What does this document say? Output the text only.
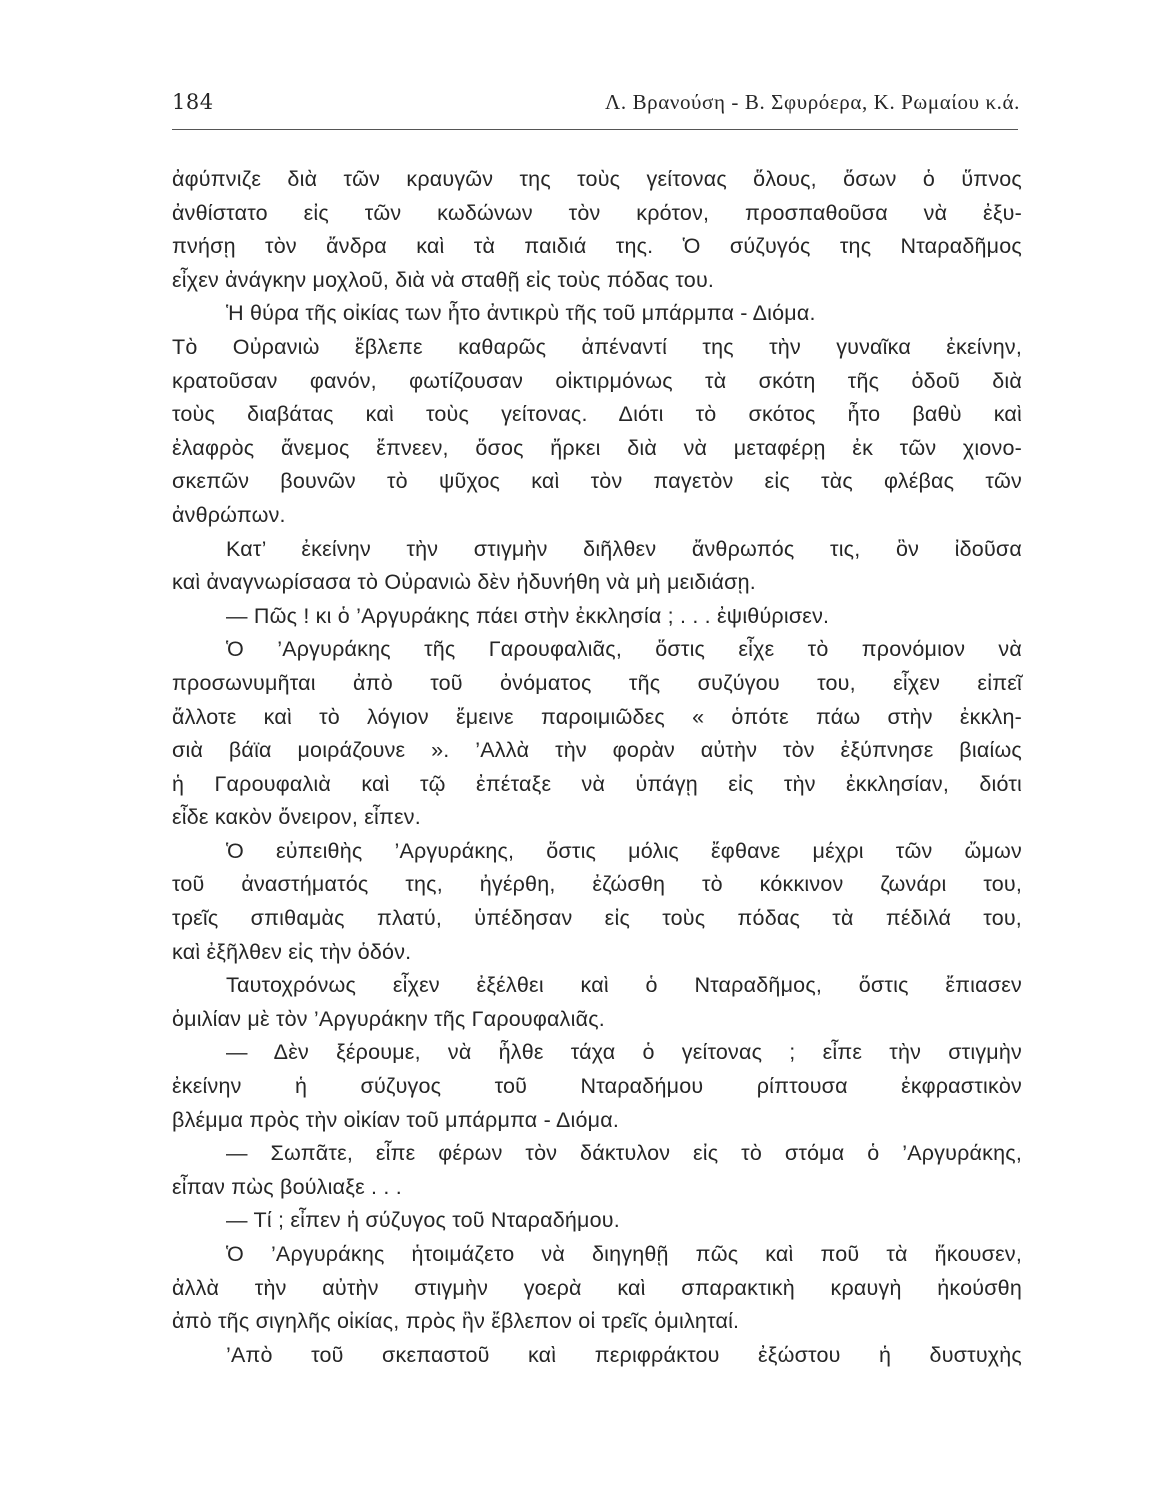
184	Λ. Βρανούση - Β. Σφυρόερα, Κ. Ρωμαίου κ.ά.
ἀφύπνιζε διὰ τῶν κραυγῶν της τοὺς γείτονας ὅλους, ὅσων ὁ ὕπνος
ἀνθίστατο εἰς τῶν κωδώνων τὸν κρότον, προσπαθοῦσα νὰ ἐξυ-
πνήσῃ τὸν ἄνδρα καὶ τὰ παιδιά της. Ὁ σύζυγός της Νταραδῆμος
εἶχεν ἀνάγκην μοχλοῦ, διὰ νὰ σταθῇ εἰς τοὺς πόδας του.
Ἡ θύρα τῆς οἰκίας των ἦτο ἀντικρὺ τῆς τοῦ μπάρμπα - Διόμα.
Τὸ Οὐρανιὼ ἔβλεπε καθαρῶς ἀπέναντί της τὴν γυναῖκα ἐκείνην,
κρατοῦσαν φανόν, φωτίζουσαν οἰκτιρμόνως τὰ σκότη τῆς ὁδοῦ διὰ
τοὺς διαβάτας καὶ τοὺς γείτονας. Διότι τὸ σκότος ἦτο βαθὺ καὶ
ἐλαφρὸς ἄνεμος ἔπνεεν, ὅσος ἤρκει διὰ νὰ μεταφέρῃ ἐκ τῶν χιονο-
σκεπῶν βουνῶν τὸ ψῦχος καὶ τὸν παγετὸν εἰς τὰς φλέβας τῶν
ἀνθρώπων.
Κατ’ ἐκείνην τὴν στιγμὴν διῆλθεν ἄνθρωπός τις, ὃν ἰδοῦσα
καὶ ἀναγνωρίσασα τὸ Οὐρανιὼ δὲν ἠδυνήθη νὰ μὴ μειδιάσῃ.
— Πῶς ! κι ὁ ’Αργυράκης πάει στὴν ἐκκλησία ; . . . ἐψιθύρισεν.
Ὁ ’Αργυράκης τῆς Γαρουφαλιᾶς, ὅστις εἶχε τὸ προνόμιον νὰ
προσωνυμῆται ἀπὸ τοῦ ὀνόματος τῆς συζύγου του, εἶχεν εἰπεῖ
ἄλλοτε καὶ τὸ λόγιον ἔμεινε παροιμιῶδες « ὁπότε πάω στὴν ἐκκλη-
σιὰ βάϊα μοιράζουνε ». ’Αλλὰ τὴν φορὰν αὐτὴν τὸν ἐξύπνησε βιαίως
ἡ Γαρουφαλιὰ καὶ τῷ ἐπέταξε νὰ ὑπάγῃ εἰς τὴν ἐκκλησίαν, διότι
εἶδε κακὸν ὄνειρον, εἶπεν.
Ὁ εὐπειθὴς ’Αργυράκης, ὅστις μόλις ἔφθανε μέχρι τῶν ὤμων
τοῦ ἀναστήματός της, ἠγέρθη, ἐζώσθη τὸ κόκκινον ζωνάρι του,
τρεῖς σπιθαμὰς πλατύ, ὑπέδησαν εἰς τοὺς πόδας τὰ πέδιλά του,
καὶ ἐξῆλθεν εἰς τὴν ὁδόν.
Ταυτοχρόνως εἶχεν ἐξέλθει καὶ ὁ Νταραδῆμος, ὅστις ἔπιασεν
ὁμιλίαν μὲ τὸν ’Αργυράκην τῆς Γαρουφαλιᾶς.
— Δὲν ξέρουμε, νὰ ἦλθε τάχα ὁ γείτονας ; εἶπε τὴν στιγμὴν
ἐκείνην ἡ σύζυγος τοῦ Νταραδήμου ρίπτουσα ἐκφραστικὸν
βλέμμα πρὸς τὴν οἰκίαν τοῦ μπάρμπα - Διόμα.
— Σωπᾶτε, εἶπε φέρων τὸν δάκτυλον εἰς τὸ στόμα ὁ ’Αργυράκης,
εἶπαν πὼς βούλιαξε . . .
— Τί ; εἶπεν ἡ σύζυγος τοῦ Νταραδήμου.
Ὁ ’Αργυράκης ἡτοιμάζετο νὰ διηγηθῇ πῶς καὶ ποῦ τὰ ἤκουσεν,
ἀλλὰ τὴν αὐτὴν στιγμὴν γοερὰ καὶ σπαρακτικὴ κραυγὴ ἠκούσθη
ἀπὸ τῆς σιγηλῆς οἰκίας, πρὸς ἣν ἔβλεπον οἱ τρεῖς ὁμιληταί.
’Απὸ τοῦ σκεπαστοῦ καὶ περιφράκτου ἐξώστου ἡ δυστυχὴς
